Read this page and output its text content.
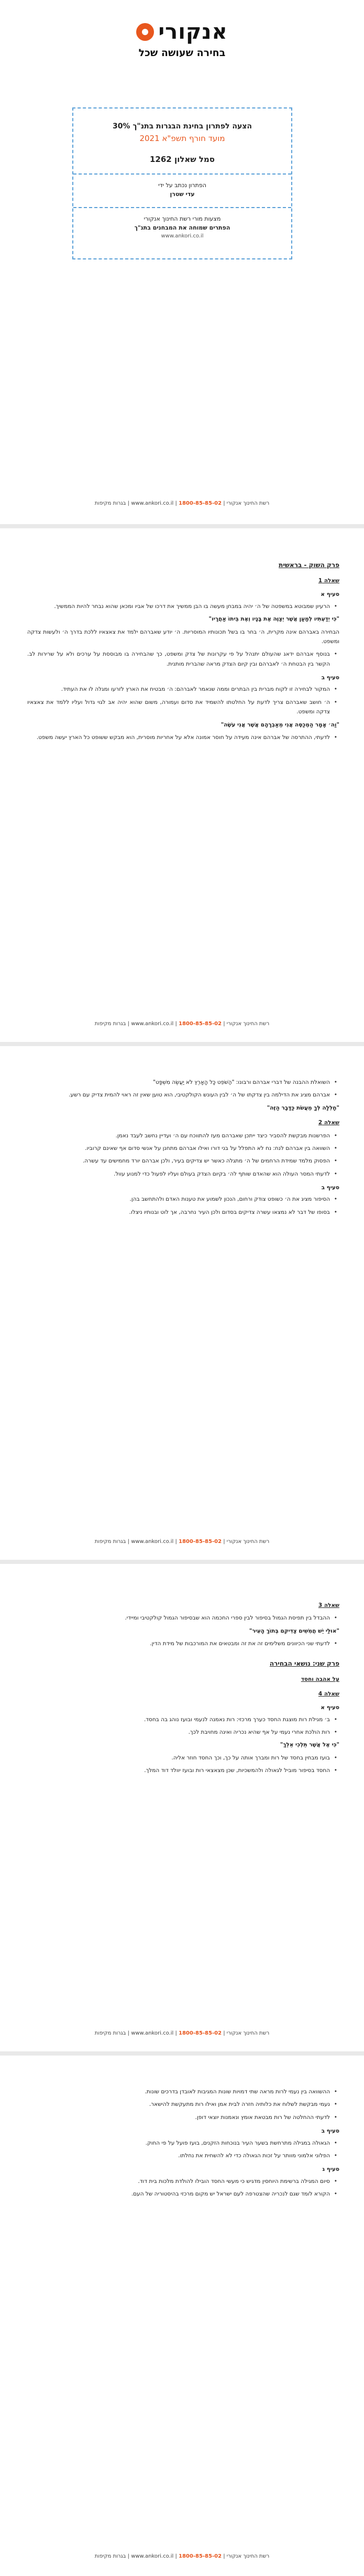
אנקורי
בחירה שעושה שכל
הצעה לפתרון בחינת הבגרות בתנ"ך 30%
מועד חורף תשפ"א 2021
סמל שאלון 1262
הפתרון נכתב על ידי
עדי שטרן
מצעות מורי רשת החינוך אנקורי
הפתרים שמוחה את המבחנים בתנ"ך
www.ankori.co.il
רשת החינוך אנקורי | www.ankori.co.il | 1800-85-85-02 | בגרות מקיפות
פרק השוק - בראשית
שאלה 1
סעיף א

• הרעיון שמבוטא במשפטה של ה׳ יהיה במבחן מעשה בו הבן ממשיך את דרכו של אביו ומכאן שהוא נבחר להיות הממשיך.

"כִּי יְדַעְתִּיו לְמַעַן אֲשֶׁר יְצַוֶּה אֶת בָּנָיו וְאֶת בֵּיתוֹ אַחֲרָיו"

הבחירה באברהם אינה מקרית, ה׳ בחר בו בשל תכונותיו המוסריות. ה׳ יודע שאברהם ילמד את צאצאיו ללכת בדרך ה׳ ולעשות צדקה ומשפט.

• בנוסף אברהם ידאג שהעולם יתנהל על פי עקרונות של צדק ומשפט, כך שהבחירה בו מבוססת על ערכים ולא על שרירות לב. הקשר בין הבטחת ה׳ לאברהם ובין קיום הצדק מראה שהברית מותנית.

סעיף ב

• המקור לבחירה זו לקוח מברית בין הבתרים וממה שנאמר לאברהם: ה׳ מבטיח את הארץ לזרעו ומגלה לו את העתיד.

• ה׳ חושב שאברהם צריך לדעת על החלטתו להשמיד את סדום ועמורה, משום שהוא יהיה אב לגוי גדול ועליו ללמד את צאצאיו צדקה ומשפט.

"וַה׳ אָמָר הַמְכַסֶּה אֲנִי מֵאַבְרָהָם אֲשֶׁר אֲנִי עֹשֶׂה"

• לדעתי, ההתרסה של אברהם אינה מעידה על חוסר אמונה אלא על אחריות מוסרית, הוא מבקש ששופט כל הארץ יעשה משפט.

רשת החינוך אנקורי | www.ankori.co.il | 1800-85-85-02 | בגרות מקיפות

• השואלת ההבנה של דברי אברהם ורבונו: "הַשֹׁפֵט כָּל הָאָרֶץ לֹא יַעֲשֶׂה מִשְׁפָּט"

• אברהם מציג את הדילמה בין צדקתו של ה׳ לבין העונש הקולקטיבי, הוא טוען שאין זה ראוי להמית צדיק עם רשע.

"חָלִלָה לְּךָ מֵעֲשֹׂת כַּדָּבָר הַזֶּה"

שאלה 2

• הפרשנות מבקשת להסביר כיצד ייתכן שאברהם מעז להתווכח עם ה׳ ועדיין נחשב לעבד נאמן.

• השוואה בין אברהם לנח: נח לא התפלל על בני דורו ואילו אברהם מתחנן על אנשי סדום אף שאינם קרוביו.

• הפסוק מלמד שמידת הרחמים של ה׳ מתגלה כאשר יש צדיקים בעיר, ולכן אברהם יורד מחמישים עד עשרה.

• לדעתי המסר העולה הוא שהאדם שותף לה׳ בקיום הצדק בעולם ועליו לפעול כדי למנוע עוול.

סעיף ב

• הסיפור מציג את ה׳ כשופט צודק ורחום, הנכון לשמוע את טענות האדם ולהתחשב בהן.

• בסופו של דבר לא נמצאו עשרה צדיקים בסדום ולכן העיר נחרבה, אך לוט ובנותיו ניצלו.

רשת החינוך אנקורי | www.ankori.co.il | 1800-85-85-02 | בגרות מקיפות
שאלה 3

• ההבדל בין תפיסת הגמול בסיפור לבין ספרי החכמה הוא שבסיפור הגמול קולקטיבי ומיידי.

"אוּלַי יֵשׁ חֲמִשִּׁים צַדִּיקִם בְּתוֹךְ הָעִיר"

• לדעתי שני הכיוונים משלימים זה את זה ומבטאים את המורכבות של מידת הדין.

פרק שני: נושאי הבחירה
על אהבה וחסד
שאלה 4
סעיף א

• ב׳ מגילת רות מוצגת החסד כערך מרכזי: רות נאמנה לנעמי ובועז נוהג בה בחסד.

• רות הולכת אחרי נעמי על אף שהיא נכריה ואינה מחויבת לכך.

"כִּי אֶל אֲשֶׁר תֵּלְכִי אֵלֵךְ"

• בועז מבחין בחסד של רות ומברך אותה על כך, וכך החסד חוזר אליה.

• החסד בסיפור מוביל לגאולה ולהמשכיות, שכן מצאצאי רות ובועז יוולד דוד המלך.

רשת החינוך אנקורי | www.ankori.co.il | 1800-85-85-02 | בגרות מקיפות

• ההשוואה בין נעמי לרות מראה שתי דמויות שונות המגיבות לאובדן בדרכים שונות.

• נעמי מבקשת לשלוח את כלותיה חזרה לבית אמן ואילו רות מתעקשת להישאר.

• לדעתי ההחלטה של רות מבטאת אומץ ונאמנות יוצאי דופן.

סעיף ב

• הגאולה במגילה מתרחשת בשער העיר בנוכחות הזקנים, בועז פועל על פי החוק.

• הפלוני אלמוני מוותר על זכות הגאולה כדי לא להשחית את נחלתו.

סעיף ג

• סיום המגילה ברשימת היוחסין מדגיש כי מעשי החסד הובילו להולדת מלכות בית דוד.

• הקורא לומד שגם לנכריה שהצטרפה לעם ישראל יש מקום מרכזי בהיסטוריה של העם.

רשת החינוך אנקורי | www.ankori.co.il | 1800-85-85-02 | בגרות מקיפות
